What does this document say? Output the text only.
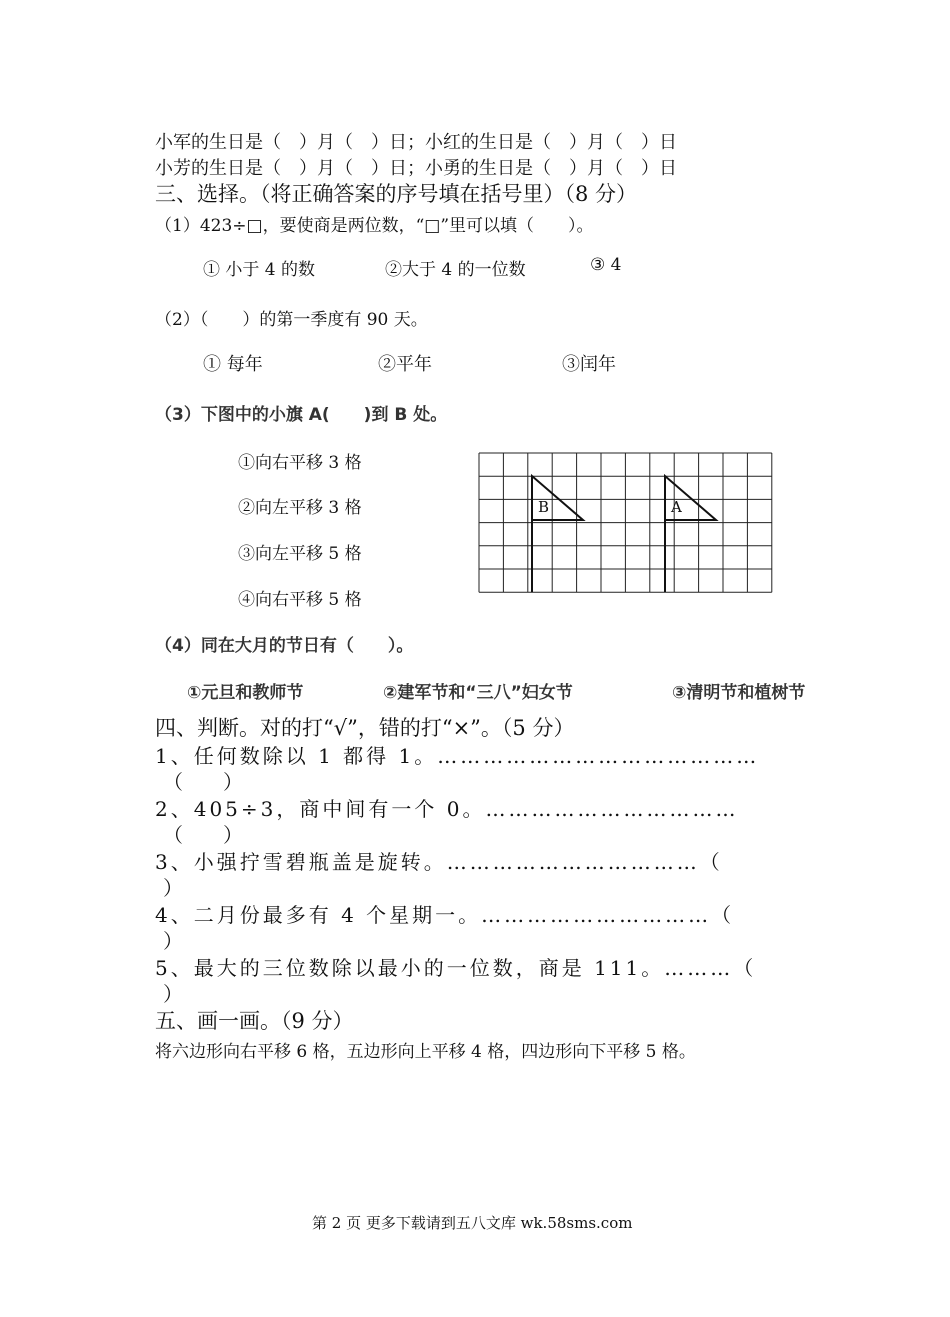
小军的生日是（　）月（　）日；小红的生日是（　）月（　）日
小芳的生日是（　）月（　）日；小勇的生日是（　）月（　）日
三、选择。（将正确答案的序号填在括号里）（8 分）
（1）423÷□，要使商是两位数，“□”里可以填（　　）。
① 小于 4 的数	②大于 4 的一位数	③ 4
（2）（　　）的第一季度有 90 天。
① 每年	②平年	③闰年
（3）下图中的小旗 A(　　)到 B 处。
①向右平移 3 格
②向左平移 3 格
③向左平移 5 格
④向右平移 5 格
B	A
（4）同在大月的节日有（　　）。
①元旦和教师节	②建军节和“三八”妇女节	③清明节和植树节
四、判断。对的打“√”，错的打“×”。（5 分）
1、任何数除以 1 都得 1。……………………………………
（　　）
2、405÷3，商中间有一个 0。……………………………
（　　）
3、小强拧雪碧瓶盖是旋转。……………………………（
）
4、二月份最多有 4 个星期一。…………………………（
）
5、最大的三位数除以最小的一位数，商是 111。………（
）
五、画一画。（9 分）
将六边形向右平移 6 格，五边形向上平移 4 格，四边形向下平移 5 格。
第 2 页 更多下载请到五八文库 wk.58sms.com
